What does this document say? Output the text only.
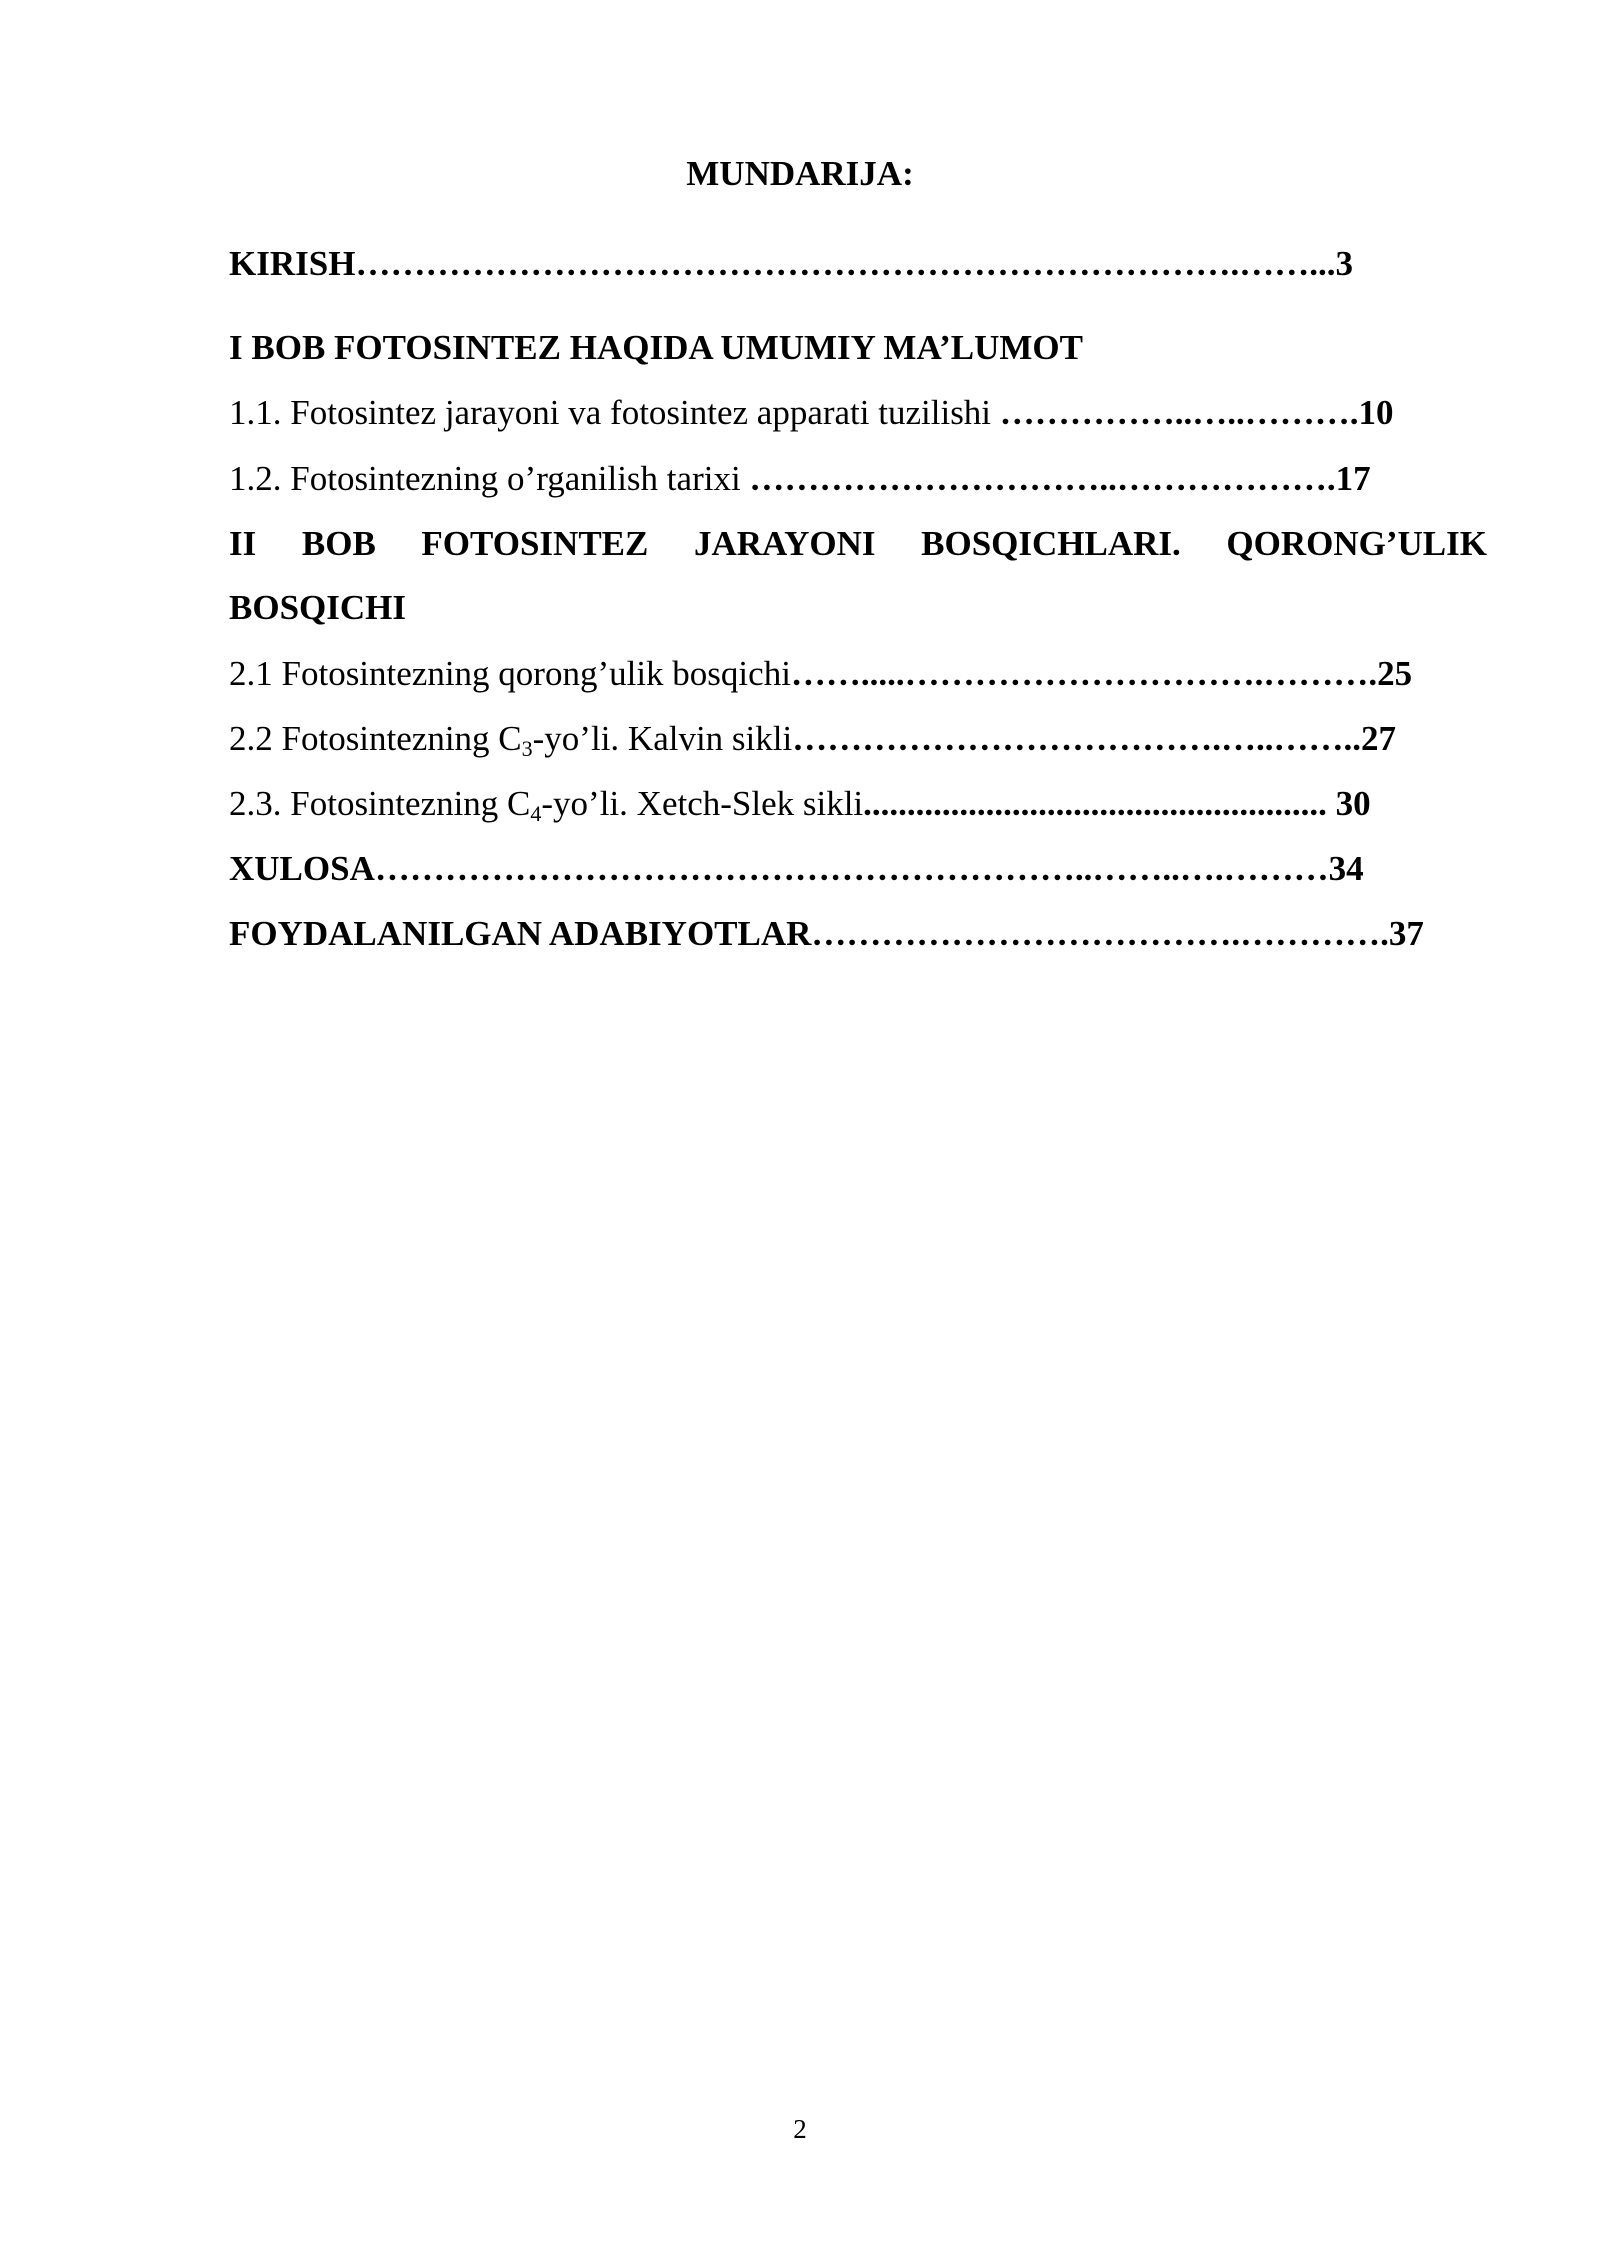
MUNDARIJA:
KIRISH………………………………………………………………….……...3
I BOB FOTOSINTEZ HAQIDA UMUMIY MA’LUMOT
1.1. Fotosintez jarayoni va fotosintez apparati tuzilishi ……………..…..……….10
1.2. Fotosintezning o’rganilish tarixi …………………………..……………….17
II BOB FOTOSINTEZ JARAYONI BOSQICHLARI. QORONG’ULIK
BOSQICHI
2.1 Fotosintezning qorong’ulik bosqichi…….....………………………….……….25
2.2 Fotosintezning $C_3-yo’li$. Kalvin sikli……………………………….…..……..27
2.3. Fotosintezning $C_4-yo’li$. Xetch-Slek sikli..................................................... 30
XULOSA……………………………………………………..……..….………34
FOYDALANILGAN ADABIYOTLAR……………………………….………….37
2
